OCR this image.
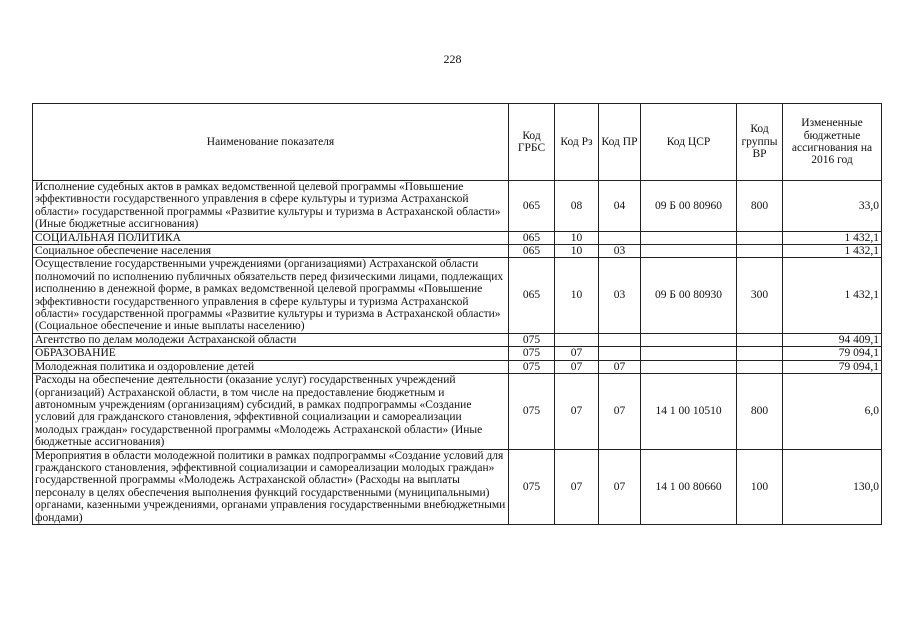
228
Наименование показателя	Код ГРБС	Код Рз	Код ПР	Код ЦСР	Код группы ВР	Измененные бюджетные ассигнования на 2016 год
Исполнение судебных актов в рамках ведомственной целевой программы «Повышение эффективности государственного управления в сфере культуры и туризма Астраханской области» государственной программы «Развитие культуры и туризма в Астраханской области» (Иные бюджетные ассигнования)	065	08	04	09 Б 00 80960	800	33,0
СОЦИАЛЬНАЯ ПОЛИТИКА	065	10				1 432,1
Социальное обеспечение населения	065	10	03			1 432,1
Осуществление государственными учреждениями (организациями) Астраханской области полномочий по исполнению публичных обязательств перед физическими лицами, подлежащих исполнению в денежной форме, в рамках ведомственной целевой программы «Повышение эффективности государственного управления в сфере культуры и туризма Астраханской области» государственной программы «Развитие культуры и туризма в Астраханской области» (Социальное обеспечение и иные выплаты населению)	065	10	03	09 Б 00 80930	300	1 432,1
Агентство по делам молодежи Астраханской области	075					94 409,1
ОБРАЗОВАНИЕ	075	07				79 094,1
Молодежная политика и оздоровление детей	075	07	07			79 094,1
Расходы на обеспечение деятельности (оказание услуг) государственных учреждений (организаций) Астраханской области, в том числе на предоставление бюджетным и автономным учреждениям (организациям) субсидий, в рамках подпрограммы «Создание условий для гражданского становления, эффективной социализации и самореализации молодых граждан» государственной программы «Молодежь Астраханской области» (Иные бюджетные ассигнования)	075	07	07	14 1 00 10510	800	6,0
Мероприятия в области молодежной политики в рамках подпрограммы «Создание условий для гражданского становления, эффективной социализации и самореализации молодых граждан» государственной программы «Молодежь Астраханской области» (Расходы на выплаты персоналу в целях обеспечения выполнения функций государственными (муниципальными) органами, казенными учреждениями, органами управления государственными внебюджетными фондами)	075	07	07	14 1 00 80660	100	130,0
